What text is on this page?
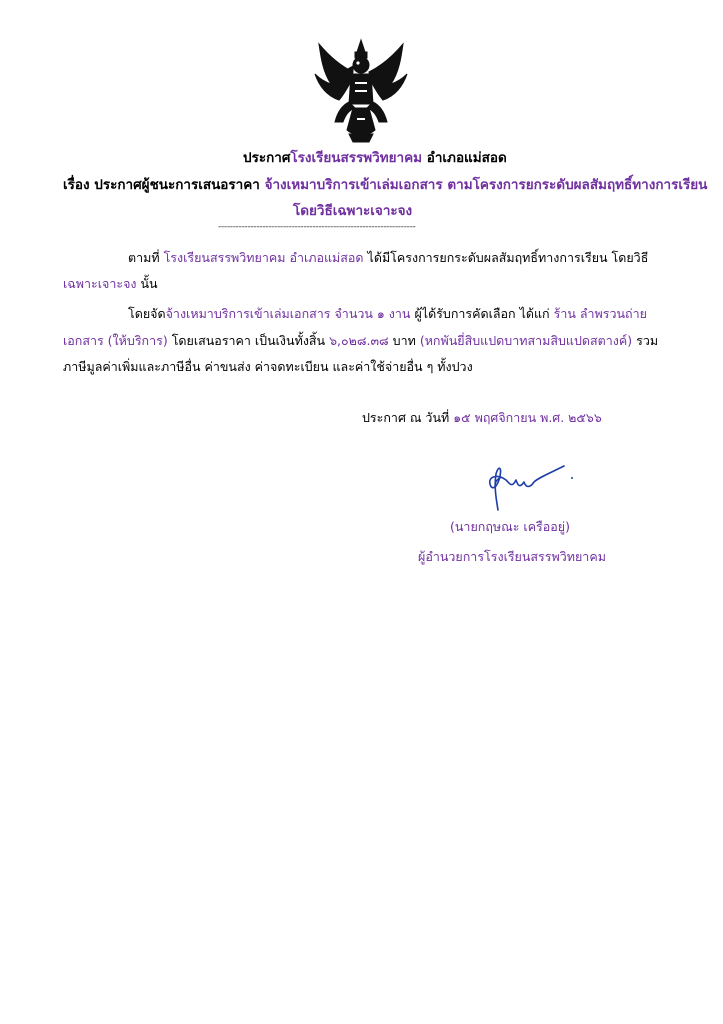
ประกาศโรงเรียนสรรพวิทยาคม อำเภอแม่สอด
เรื่อง ประกาศผู้ชนะการเสนอราคา จ้างเหมาบริการเข้าเล่มเอกสาร ตามโครงการยกระดับผลสัมฤทธิ์ทางการเรียน
โดยวิธีเฉพาะเจาะจง
-------------------------------------------------------------------
ตามที่ โรงเรียนสรรพวิทยาคม อำเภอแม่สอด ได้มีโครงการยกระดับผลสัมฤทธิ์ทางการเรียน โดยวิธี
เฉพาะเจาะจง นั้น
โดยจัดจ้างเหมาบริการเข้าเล่มเอกสาร จำนวน ๑ งาน ผู้ได้รับการคัดเลือก ได้แก่ ร้าน ลำพรวนถ่าย
เอกสาร (ให้บริการ) โดยเสนอราคา เป็นเงินทั้งสิ้น ๖,๐๒๘.๓๘ บาท (หกพันยี่สิบแปดบาทสามสิบแปดสตางค์) รวม
ภาษีมูลค่าเพิ่มและภาษีอื่น ค่าขนส่ง ค่าจดทะเบียน และค่าใช้จ่ายอื่น ๆ ทั้งปวง
ประกาศ ณ วันที่ ๑๕ พฤศจิกายน พ.ศ. ๒๕๖๖
(นายกฤษณะ เครืออยู่)
ผู้อำนวยการโรงเรียนสรรพวิทยาคม
